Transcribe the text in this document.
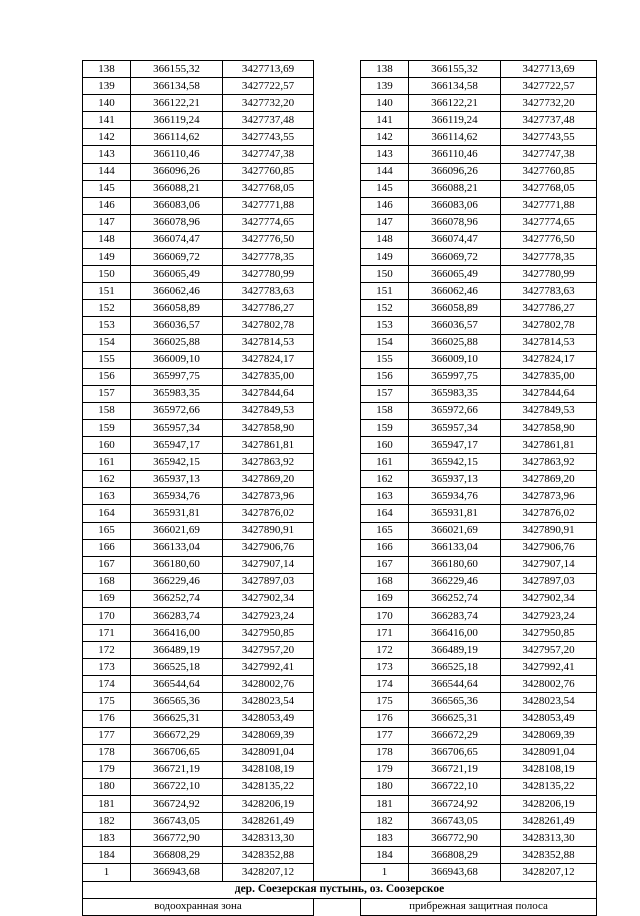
138	366155,32	3427713,69		138	366155,32	3427713,69
139	366134,58	3427722,57		139	366134,58	3427722,57
140	366122,21	3427732,20		140	366122,21	3427732,20
141	366119,24	3427737,48		141	366119,24	3427737,48
142	366114,62	3427743,55		142	366114,62	3427743,55
143	366110,46	3427747,38		143	366110,46	3427747,38
144	366096,26	3427760,85		144	366096,26	3427760,85
145	366088,21	3427768,05		145	366088,21	3427768,05
146	366083,06	3427771,88		146	366083,06	3427771,88
147	366078,96	3427774,65		147	366078,96	3427774,65
148	366074,47	3427776,50		148	366074,47	3427776,50
149	366069,72	3427778,35		149	366069,72	3427778,35
150	366065,49	3427780,99		150	366065,49	3427780,99
151	366062,46	3427783,63		151	366062,46	3427783,63
152	366058,89	3427786,27		152	366058,89	3427786,27
153	366036,57	3427802,78		153	366036,57	3427802,78
154	366025,88	3427814,53		154	366025,88	3427814,53
155	366009,10	3427824,17		155	366009,10	3427824,17
156	365997,75	3427835,00		156	365997,75	3427835,00
157	365983,35	3427844,64		157	365983,35	3427844,64
158	365972,66	3427849,53		158	365972,66	3427849,53
159	365957,34	3427858,90		159	365957,34	3427858,90
160	365947,17	3427861,81		160	365947,17	3427861,81
161	365942,15	3427863,92		161	365942,15	3427863,92
162	365937,13	3427869,20		162	365937,13	3427869,20
163	365934,76	3427873,96		163	365934,76	3427873,96
164	365931,81	3427876,02		164	365931,81	3427876,02
165	366021,69	3427890,91		165	366021,69	3427890,91
166	366133,04	3427906,76		166	366133,04	3427906,76
167	366180,60	3427907,14		167	366180,60	3427907,14
168	366229,46	3427897,03		168	366229,46	3427897,03
169	366252,74	3427902,34		169	366252,74	3427902,34
170	366283,74	3427923,24		170	366283,74	3427923,24
171	366416,00	3427950,85		171	366416,00	3427950,85
172	366489,19	3427957,20		172	366489,19	3427957,20
173	366525,18	3427992,41		173	366525,18	3427992,41
174	366544,64	3428002,76		174	366544,64	3428002,76
175	366565,36	3428023,54		175	366565,36	3428023,54
176	366625,31	3428053,49		176	366625,31	3428053,49
177	366672,29	3428069,39		177	366672,29	3428069,39
178	366706,65	3428091,04		178	366706,65	3428091,04
179	366721,19	3428108,19		179	366721,19	3428108,19
180	366722,10	3428135,22		180	366722,10	3428135,22
181	366724,92	3428206,19		181	366724,92	3428206,19
182	366743,05	3428261,49		182	366743,05	3428261,49
183	366772,90	3428313,30		183	366772,90	3428313,30
184	366808,29	3428352,88		184	366808,29	3428352,88
1	366943,68	3428207,12		1	366943,68	3428207,12
дер. Соезерская пустынь, оз. Соозерское						
водоохранная зона				прибрежная защитная полоса		
